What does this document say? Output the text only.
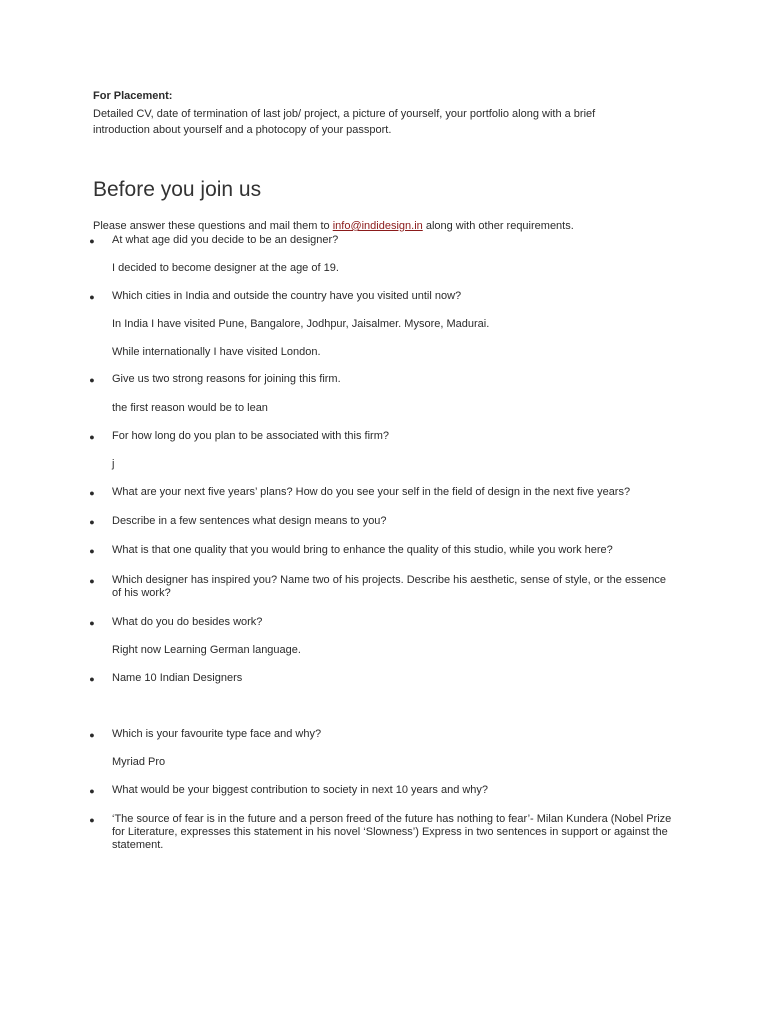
For Placement:

Detailed CV, date of termination of last job/ project, a picture of yourself, your portfolio along with a brief introduction about yourself and a photocopy of your passport.

Before you join us

Please answer these questions and mail them to info@indidesign.in along with other requirements.

● At what age did you decide to be an designer?

I decided to become designer at the age of 19.

● Which cities in India and outside the country have you visited until now?

In India I have visited Pune, Bangalore, Jodhpur, Jaisalmer. Mysore, Madurai.

While internationally I have visited London.

● Give us two strong reasons for joining this firm.

the first reason would be to lean

● For how long do you plan to be associated with this firm?

j

● What are your next five years’ plans? How do you see your self in the field of design in the next five years?

● Describe in a few sentences what design means to you?

● What is that one quality that you would bring to enhance the quality of this studio, while you work here?

● Which designer has inspired you? Name two of his projects. Describe his aesthetic, sense of style, or the essence of his work?

● What do you do besides work?

Right now Learning German language.

● Name 10 Indian Designers

● Which is your favourite type face and why?

Myriad Pro

● What would be your biggest contribution to society in next 10 years and why?

● ‘The source of fear is in the future and a person freed of the future has nothing to fear’- Milan Kundera (Nobel Prize for Literature, expresses this statement in his novel ‘Slowness’) Express in two sentences in support or against the statement.
